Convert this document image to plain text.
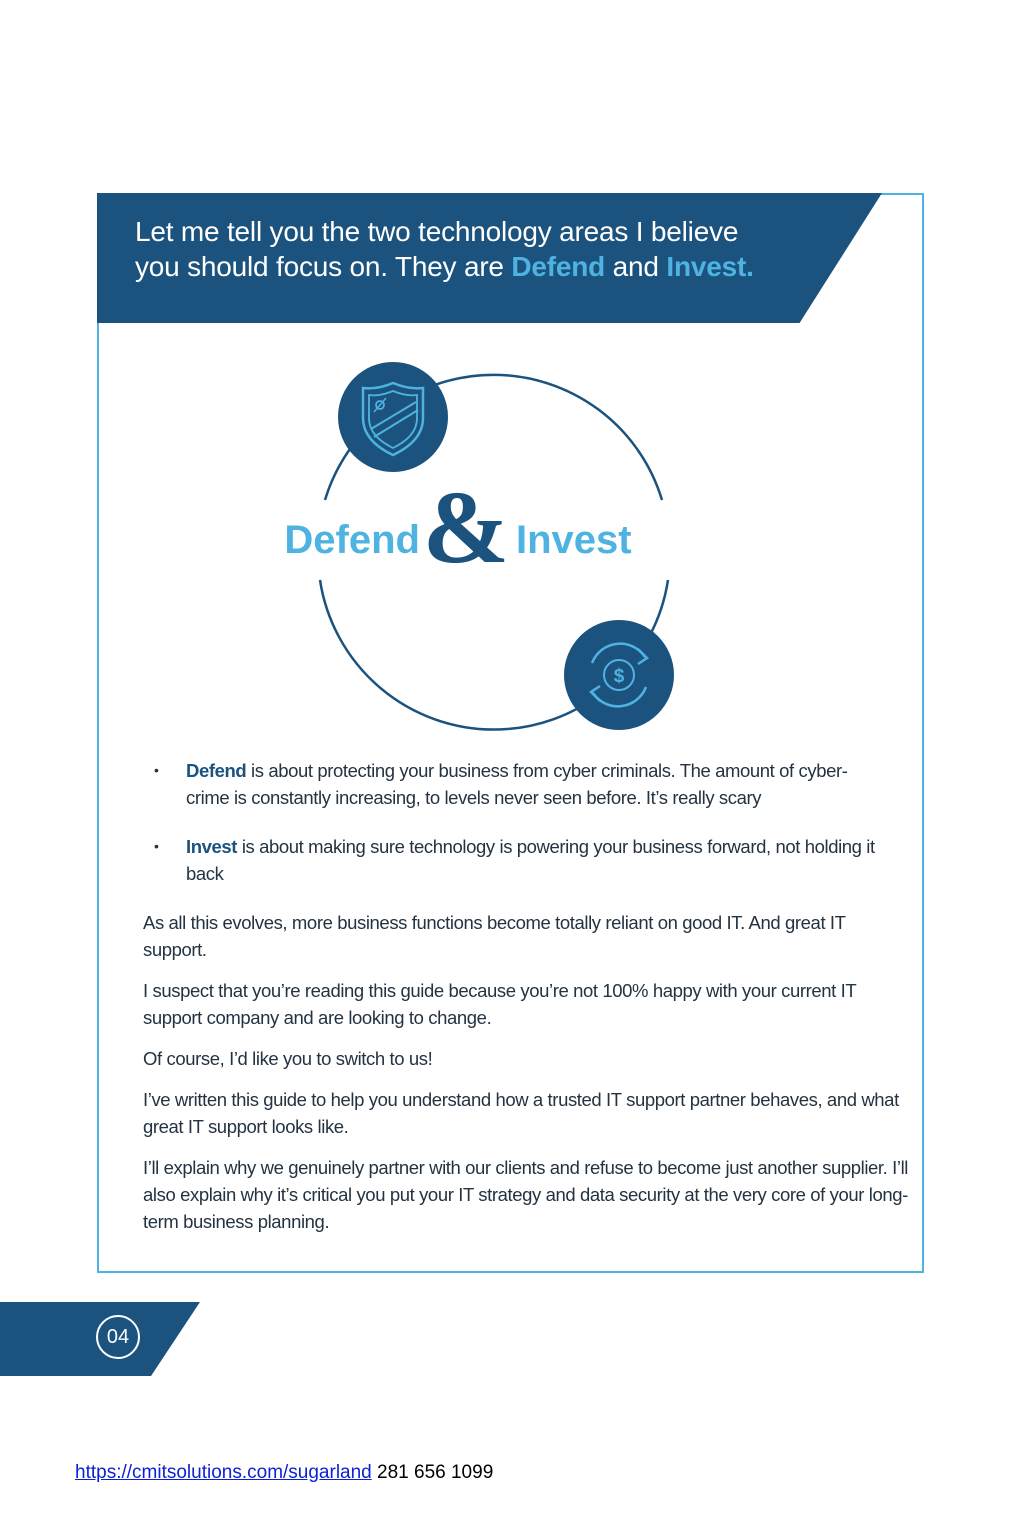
Let me tell you the two technology areas I believe
you should focus on. They are Defend and Invest.
$
Defend & Invest
• Defend is about protecting your business from cyber criminals. The amount of cyber-crime is constantly increasing, to levels never seen before. It’s really scary
• Invest is about making sure technology is powering your business forward, not holding it back

As all this evolves, more business functions become totally reliant on good IT. And great IT support.

I suspect that you’re reading this guide because you’re not 100% happy with your current IT support company and are looking to change.

Of course, I’d like you to switch to us!

I’ve written this guide to help you understand how a trusted IT support partner behaves, and what great IT support looks like.

I’ll explain why we genuinely partner with our clients and refuse to become just another supplier. I’ll also explain why it’s critical you put your IT strategy and data security at the very core of your long-term business planning.

04
https://cmitsolutions.com/sugarland 281 656 1099
